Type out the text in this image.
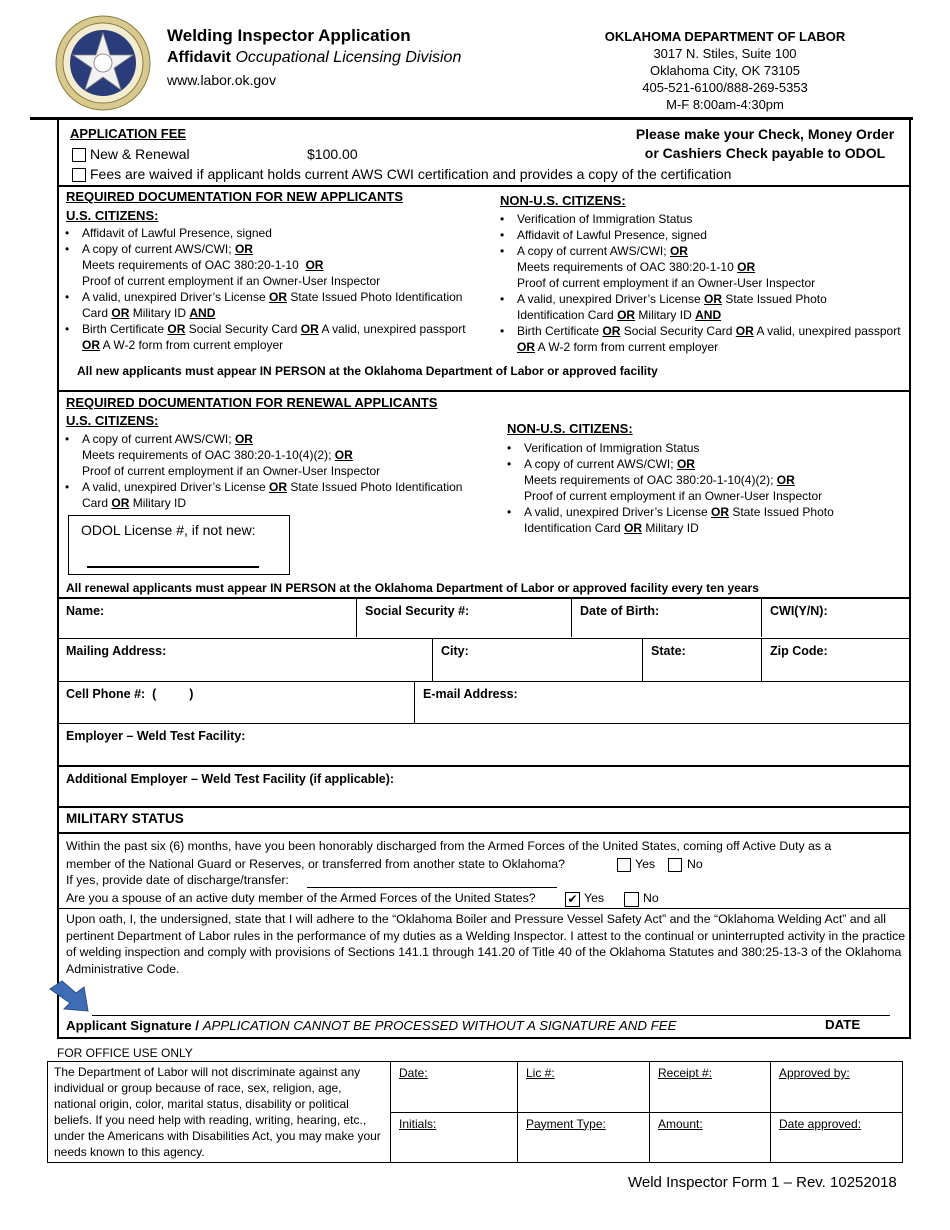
Welding Inspector Application
Affidavit Occupational Licensing Division
www.labor.ok.gov
OKLAHOMA DEPARTMENT OF LABOR
3017 N. Stiles, Suite 100
Oklahoma City, OK 73105
405-521-6100/888-269-5353
M-F 8:00am-4:30pm
APPLICATION FEE
New & Renewal	$100.00
Fees are waived if applicant holds current AWS CWI certification and provides a copy of the certification
Please make your Check, Money Order
or Cashiers Check payable to ODOL
REQUIRED DOCUMENTATION FOR NEW APPLICANTS
U.S. CITIZENS:
• Affidavit of Lawful Presence, signed
• A copy of current AWS/CWI; OR
Meets requirements of OAC 380:20-1-10 OR
Proof of current employment if an Owner-User Inspector
• A valid, unexpired Driver’s License OR State Issued Photo Identification
Card OR Military ID AND
• Birth Certificate OR Social Security Card OR A valid, unexpired passport
OR A W-2 form from current employer
NON-U.S. CITIZENS:
• Verification of Immigration Status
• Affidavit of Lawful Presence, signed
• A copy of current AWS/CWI; OR
Meets requirements of OAC 380:20-1-10 OR
Proof of current employment if an Owner-User Inspector
• A valid, unexpired Driver’s License OR State Issued Photo
Identification Card OR Military ID AND
• Birth Certificate OR Social Security Card OR A valid, unexpired passport
OR A W-2 form from current employer
All new applicants must appear IN PERSON at the Oklahoma Department of Labor or approved facility
REQUIRED DOCUMENTATION FOR RENEWAL APPLICANTS
U.S. CITIZENS:
• A copy of current AWS/CWI; OR
Meets requirements of OAC 380:20-1-10(4)(2); OR
Proof of current employment if an Owner-User Inspector
• A valid, unexpired Driver’s License OR State Issued Photo Identification
Card OR Military ID
ODOL License #, if not new:
NON-U.S. CITIZENS:
• Verification of Immigration Status
• A copy of current AWS/CWI; OR
Meets requirements of OAC 380:20-1-10(4)(2); OR
Proof of current employment if an Owner-User Inspector
• A valid, unexpired Driver’s License OR State Issued Photo
Identification Card OR Military ID
All renewal applicants must appear IN PERSON at the Oklahoma Department of Labor or approved facility every ten years
Name:	Social Security #:	Date of Birth:	CWI(Y/N):
Mailing Address:	City:	State:	Zip Code:
Cell Phone #: (	)	E-mail Address:
Employer – Weld Test Facility:
Additional Employer – Weld Test Facility (if applicable):
MILITARY STATUS
Within the past six (6) months, have you been honorably discharged from the Armed Forces of the United States, coming off Active Duty as a
member of the National Guard or Reserves, or transferred from another state to Oklahoma?	Yes	No
If yes, provide date of discharge/transfer:
Are you a spouse of an active duty member of the Armed Forces of the United States?	✔ Yes	No
Upon oath, I, the undersigned, state that I will adhere to the “Oklahoma Boiler and Pressure Vessel Safety Act” and the “Oklahoma Welding Act” and all pertinent Department of Labor rules in the performance of my duties as a Welding Inspector. I attest to the continual or uninterrupted activity in the practice of welding inspection and comply with provisions of Sections 141.1 through 141.20 of Title 40 of the Oklahoma Statutes and 380:25-13-3 of the Oklahoma Administrative Code.
Applicant Signature / APPLICATION CANNOT BE PROCESSED WITHOUT A SIGNATURE AND FEE	DATE
FOR OFFICE USE ONLY
The Department of Labor will not discriminate against any individual or group because of race, sex, religion, age, national origin, color, marital status, disability or political beliefs. If you need help with reading, writing, hearing, etc., under the Americans with Disabilities Act, you may make your needs known to this agency.	Date:	Lic #:	Receipt #:	Approved by:
	Initials:	Payment Type:	Amount:	Date approved:
Weld Inspector Form 1 – Rev. 10252018
